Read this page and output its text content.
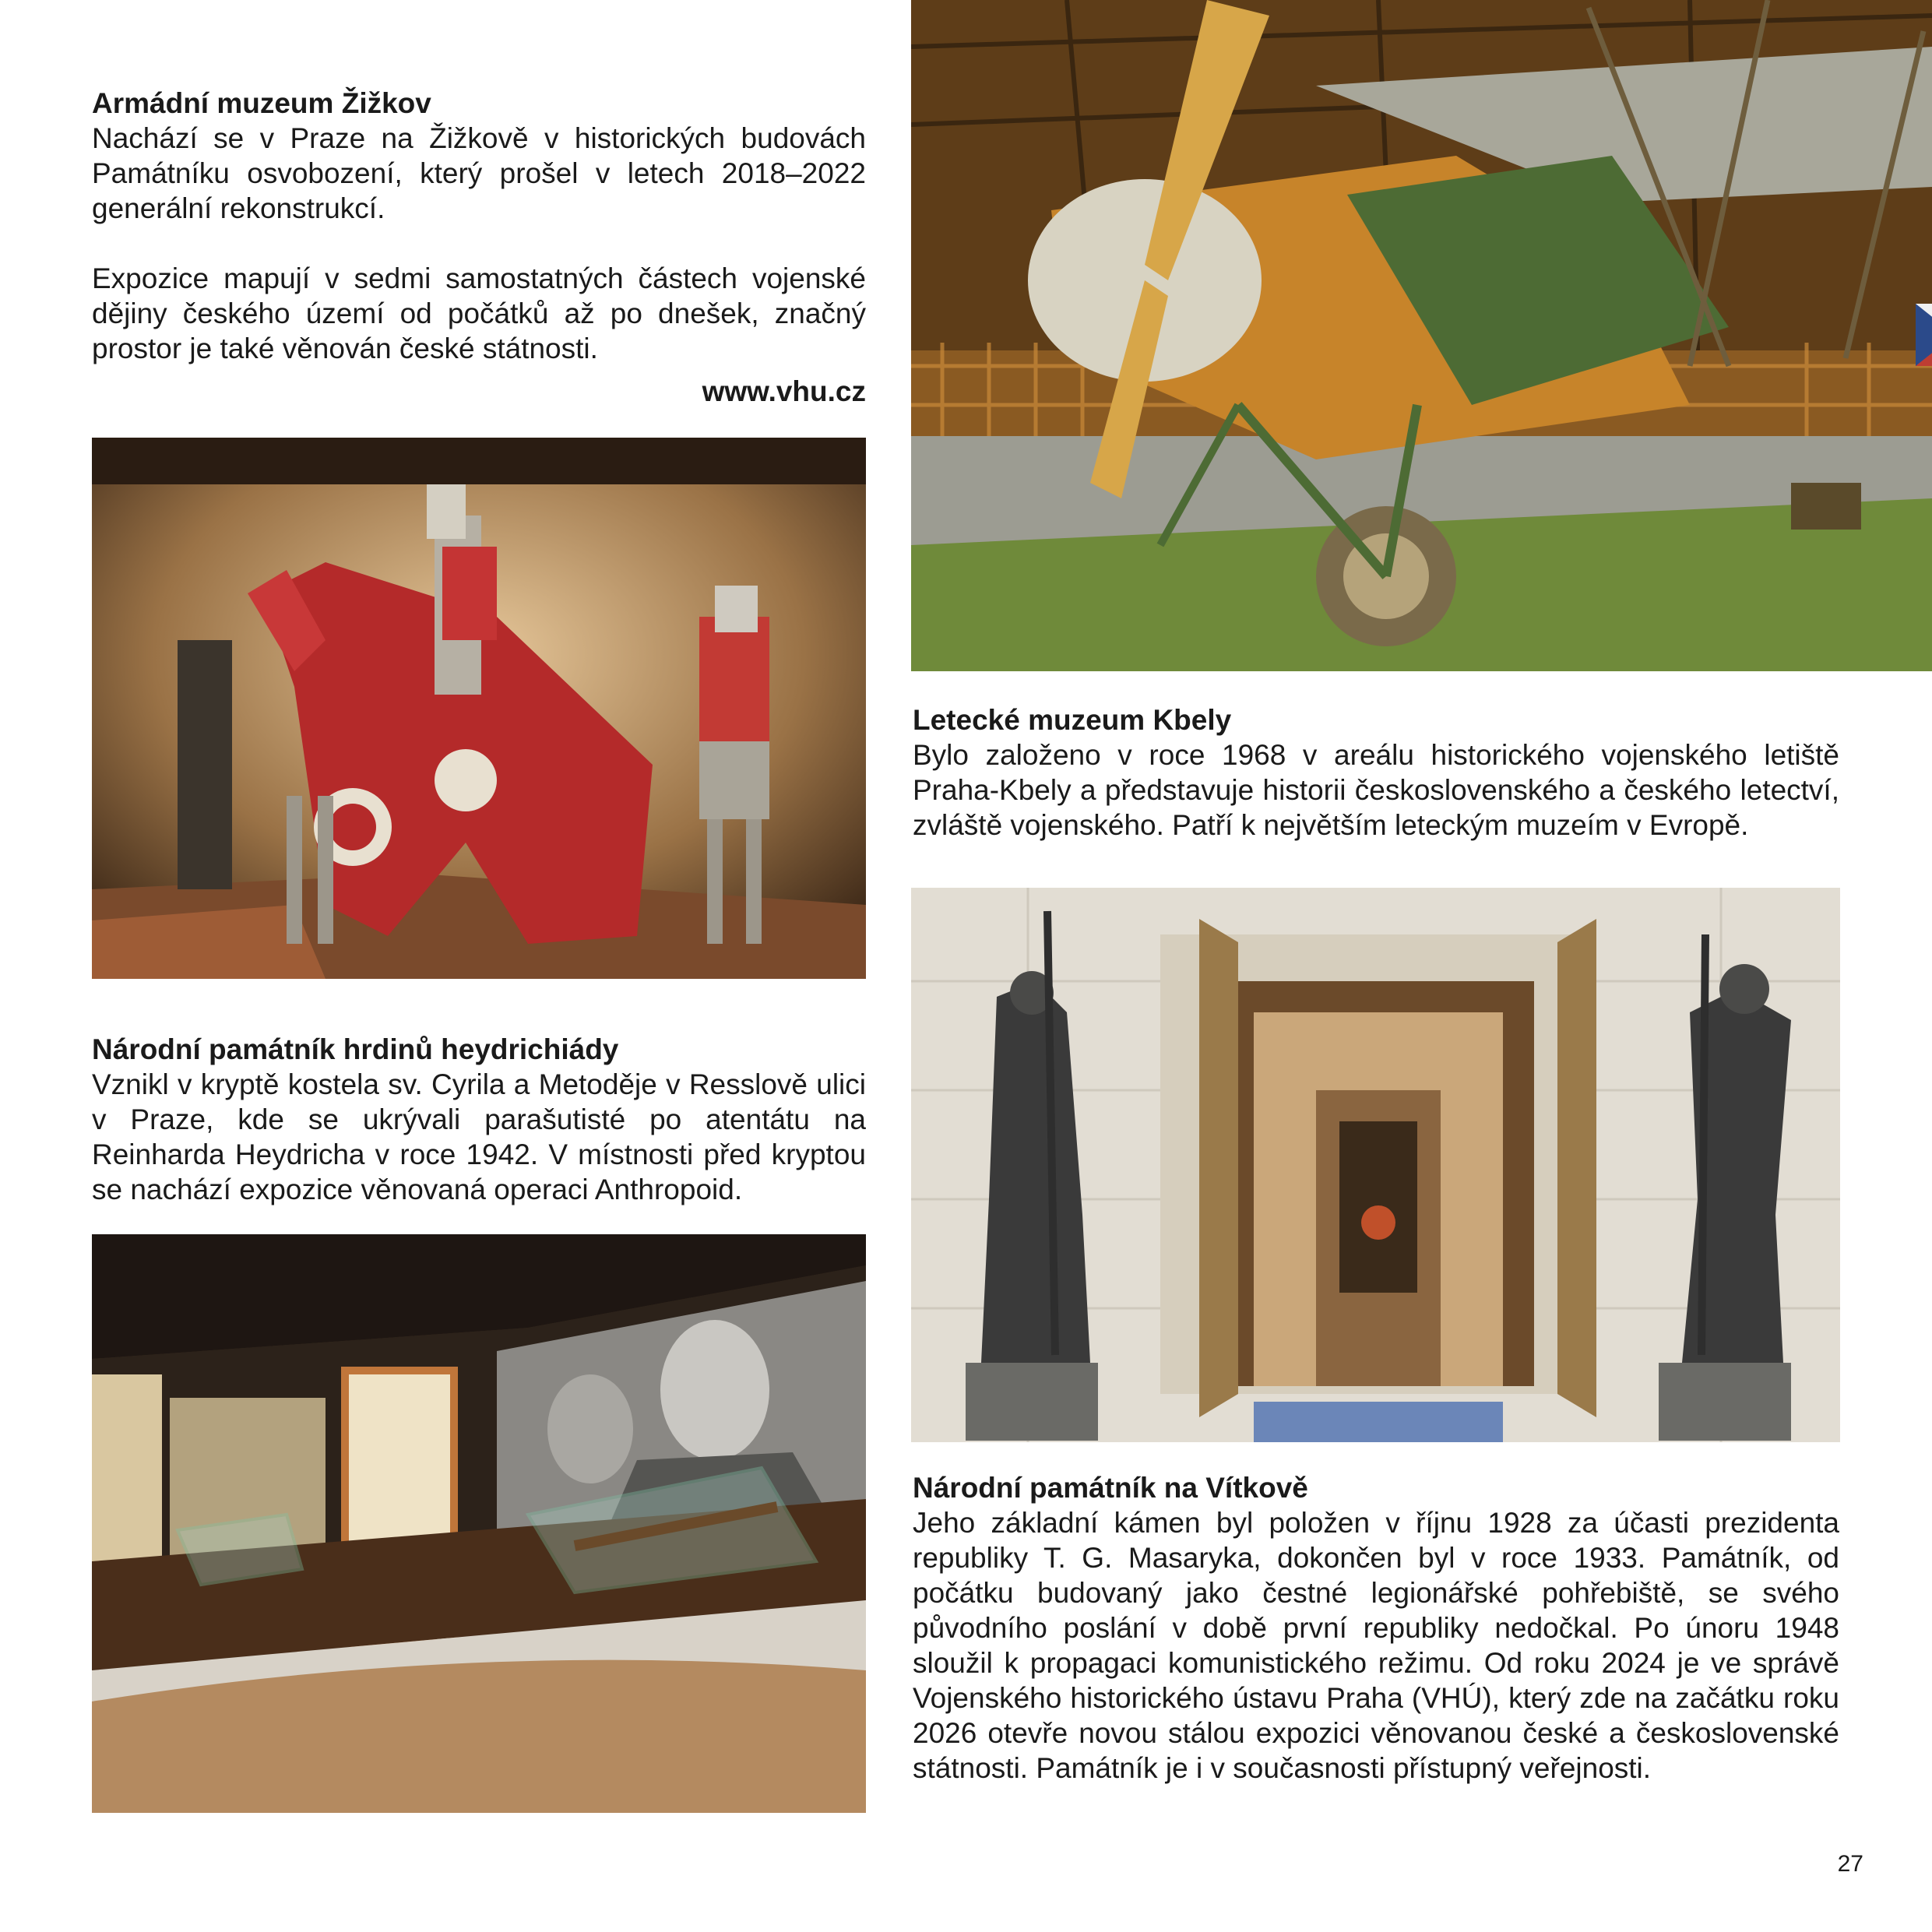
Armádní muzeum Žižkov

Nachází se v Praze na Žižkově v historických budovách Památníku osvobození, který prošel v letech 2018–2022 generální rekonstrukcí.

Expozice mapují v sedmi samostatných částech vojenské dějiny českého území od počátků až po dnešek, značný prostor je také věnován české státnosti.

www.vhu.cz

Letecké muzeum Kbely

Bylo založeno v roce 1968 v areálu historického vojenského letiště Praha-Kbely a představuje historii československého a českého letectví, zvláště vojenského. Patří k největším leteckým muzeím v Evropě.

Národní památník hrdinů heydrichiády

Vznikl v kryptě kostela sv. Cyrila a Metoděje v Resslově ulici v Praze, kde se ukrývali parašutisté po atentátu na Reinharda Heydricha v roce 1942. V místnosti před kryptou se nachází expozice věnovaná operaci Anthropoid.

Národní památník na Vítkově

Jeho základní kámen byl položen v říjnu 1928 za účasti prezidenta republiky T. G. Masaryka, dokončen byl v roce 1933. Památník, od počátku budovaný jako čestné legionářské pohřebiště, se svého původního poslání v době první republiky nedočkal. Po únoru 1948 sloužil k propagaci komunistického režimu. Od roku 2024 je ve správě Vojenského historického ústavu Praha (VHÚ), který zde na začátku roku 2026 otevře novou stálou expozici věnovanou české a československé státnosti. Památník je i v současnosti přístupný veřejnosti.

27
